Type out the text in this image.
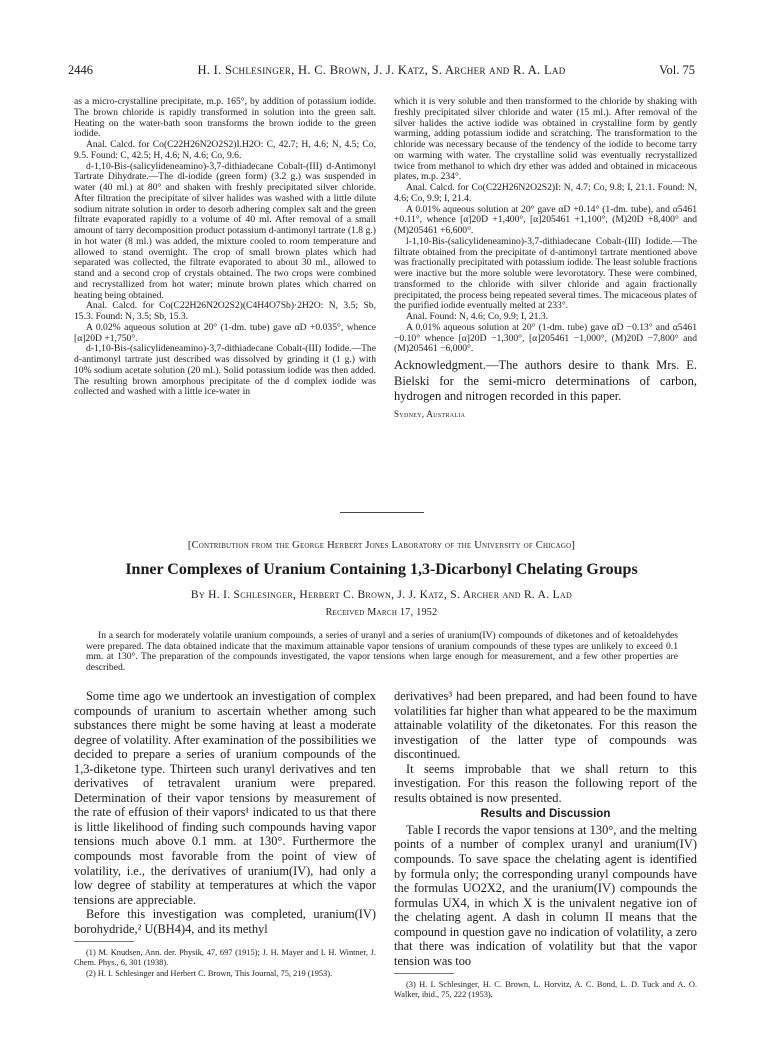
2446	H. I. Schlesinger, H. C. Brown, J. J. Katz, S. Archer and R. A. Lad	Vol. 75

as a micro-crystalline precipitate, m.p. 165°, by addition of potassium iodide. The brown chloride is rapidly transformed in solution into the green salt. Heating on the water-bath soon transforms the brown iodide to the green iodide.

Anal. Calcd. for Co(C22H26N2O2S2)I.H2O: C, 42.7; H, 4.6; N, 4.5; Co, 9.5. Found: C, 42.5; H, 4.6; N, 4.6; Co, 9.6.

d-1,10-Bis-(salicylideneamino)-3,7-dithiadecane Cobalt-(III) d-Antimonyl Tartrate Dihydrate.—The dl-iodide (green form) (3.2 g.) was suspended in water (40 ml.) at 80° and shaken with freshly precipitated silver chloride. After filtration the precipitate of silver halides was washed with a little dilute sodium nitrate solution in order to desorb adhering complex salt and the green filtrate evaporated rapidly to a volume of 40 ml. After removal of a small amount of tarry decomposition product potassium d-antimonyl tartrate (1.8 g.) in hot water (8 ml.) was added, the mixture cooled to room temperature and allowed to stand overnight. The crop of small brown plates which had separated was collected, the filtrate evaporated to about 30 ml., allowed to stand and a second crop of crystals obtained. The two crops were combined and recrystallized from hot water; minute brown plates which charred on heating being obtained.

Anal. Calcd. for Co(C22H26N2O2S2)(C4H4O7Sb)·2H2O: N, 3.5; Sb, 15.3. Found: N, 3.5; Sb, 15.3.

A 0.02% aqueous solution at 20° (1-dm. tube) gave αD +0.035°, whence [α]20D +1,750°.

d-1,10-Bis-(salicylideneamino)-3,7-dithiadecane Cobalt-(III) Iodide.—The d-antimonyl tartrate just described was dissolved by grinding it (1 g.) with 10% sodium acetate solution (20 ml.). Solid potassium iodide was then added. The resulting brown amorphous precipitate of the d complex iodide was collected and washed with a little ice-water in

which it is very soluble and then transformed to the chloride by shaking with freshly precipitated silver chloride and water (15 ml.). After removal of the silver halides the active iodide was obtained in crystalline form by gently warming, adding potassium iodide and scratching. The transformation to the chloride was necessary because of the tendency of the iodide to become tarry on warming with water. The crystalline solid was eventually recrystallized twice from methanol to which dry ether was added and obtained in micaceous plates, m.p. 234°.

Anal. Calcd. for Co(C22H26N2O2S2)I: N, 4.7; Co, 9.8; I, 21.1. Found: N, 4.6; Co, 9.9; I, 21.4.

A 0.01% aqueous solution at 20° gave αD +0.14° (1-dm. tube), and α5461 +0.11°, whence [α]20D +1,400°, [α]205461 +1,100°, (M)20D +8,400° and (M)205461 +6,600°.

l-1,10-Bis-(salicylideneamino)-3,7-dithiadecane Cobalt-(III) Iodide.—The filtrate obtained from the precipitate of d-antimonyl tartrate mentioned above was fractionally precipitated with potassium iodide. The least soluble fractions were inactive but the more soluble were levorotatory. These were combined, transformed to the chloride with silver chloride and again fractionally precipitated, the process being repeated several times. The micaceous plates of the purified iodide eventually melted at 233°.

Anal. Found: N, 4.6; Co, 9.9; I, 21.3.

A 0.01% aqueous solution at 20° (1-dm. tube) gave αD −0.13° and α5461 −0.10° whence [α]20D −1,300°, [α]205461 −1,000°, (M)20D −7,800° and (M)205461 −6,000°.

Acknowledgment.—The authors desire to thank Mrs. E. Bielski for the semi-micro determinations of carbon, hydrogen and nitrogen recorded in this paper.

Sydney, Australia

[Contribution from the George Herbert Jones Laboratory of the University of Chicago]
Inner Complexes of Uranium Containing 1,3-Dicarbonyl Chelating Groups
By H. I. Schlesinger, Herbert C. Brown, J. J. Katz, S. Archer and R. A. Lad
Received March 17, 1952

In a search for moderately volatile uranium compounds, a series of uranyl and a series of uranium(IV) compounds of diketones and of ketoaldehydes were prepared. The data obtained indicate that the maximum attainable vapor tensions of uranium compounds of these types are unlikely to exceed 0.1 mm. at 130°. The preparation of the compounds investigated, the vapor tensions when large enough for measurement, and a few other properties are described.

Some time ago we undertook an investigation of complex compounds of uranium to ascertain whether among such substances there might be some having at least a moderate degree of volatility. After examination of the possibilities we decided to prepare a series of uranium compounds of the 1,3-diketone type. Thirteen such uranyl derivatives and ten derivatives of tetravalent uranium were prepared. Determination of their vapor tensions by measurement of the rate of effusion of their vapors¹ indicated to us that there is little likelihood of finding such compounds having vapor tensions much above 0.1 mm. at 130°. Furthermore the compounds most favorable from the point of view of volatility, i.e., the derivatives of uranium(IV), had only a low degree of stability at temperatures at which the vapor tensions are appreciable.

Before this investigation was completed, uranium(IV) borohydride,² U(BH4)4, and its methyl

(1) M. Knudsen, Ann. der. Physik, 47, 697 (1915); J. H. Mayer and I. H. Wintner, J. Chem. Phys., 6, 301 (1938).

(2) H. I. Schlesinger and Herbert C. Brown, This Journal, 75, 219 (1953).

derivatives³ had been prepared, and had been found to have volatilities far higher than what appeared to be the maximum attainable volatility of the diketonates. For this reason the investigation of the latter type of compounds was discontinued.

It seems improbable that we shall return to this investigation. For this reason the following report of the results obtained is now presented.

Results and Discussion

Table I records the vapor tensions at 130°, and the melting points of a number of complex uranyl and uranium(IV) compounds. To save space the chelating agent is identified by formula only; the corresponding uranyl compounds have the formulas UO2X2, and the uranium(IV) compounds the formulas UX4, in which X is the univalent negative ion of the chelating agent. A dash in column II means that the compound in question gave no indication of volatility, a zero that there was indication of volatility but that the vapor tension was too

(3) H. I. Schlesinger, H. C. Brown, L. Horvitz, A. C. Bond, L. D. Tuck and A. O. Walker, ibid., 75, 222 (1953).
